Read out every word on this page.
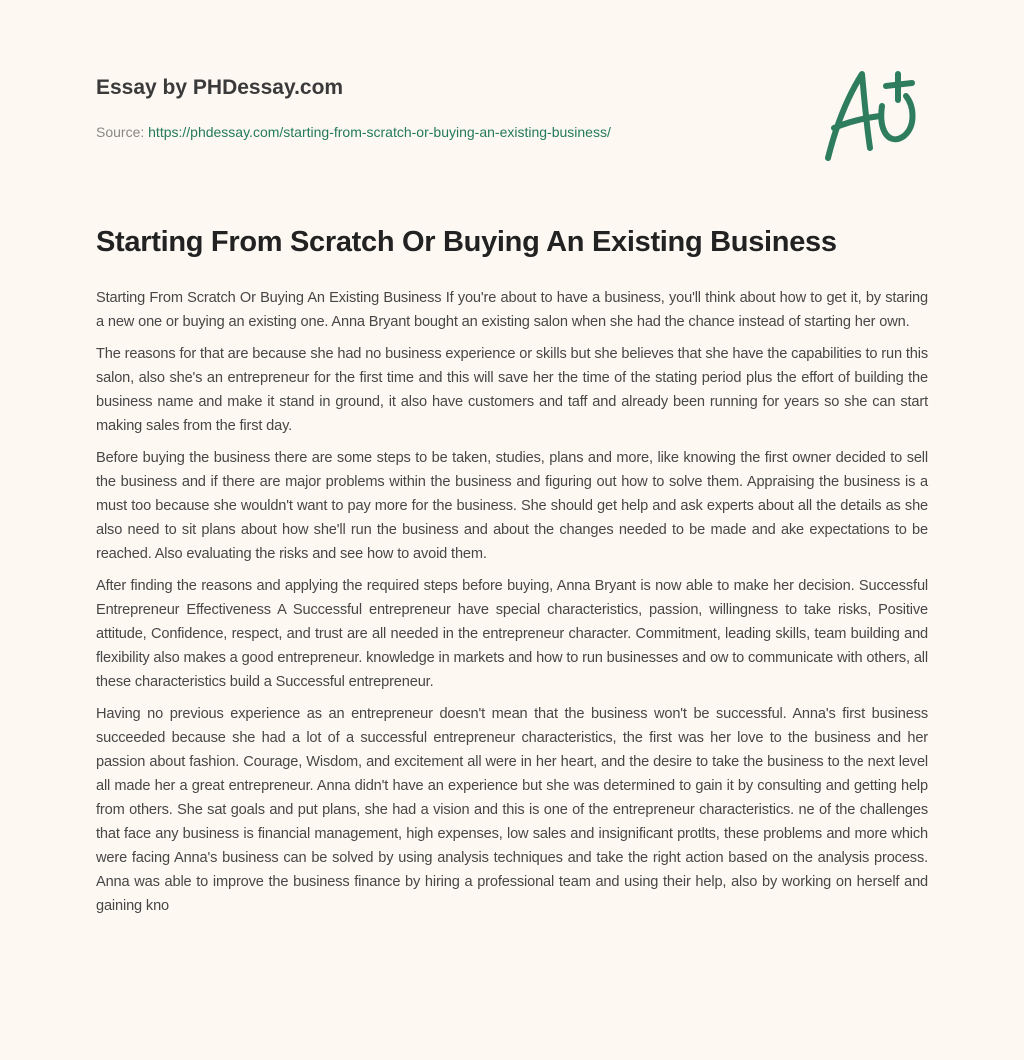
Essay by PHDessay.com
Source: https://phdessay.com/starting-from-scratch-or-buying-an-existing-business/
Starting From Scratch Or Buying An Existing Business

Starting From Scratch Or Buying An Existing Business If you're about to have a business, you'll think about how to get it, by staring a new one or buying an existing one. Anna Bryant bought an existing salon when she had the chance instead of starting her own.

The reasons for that are because she had no business experience or skills but she believes that she have the capabilities to run this salon, also she's an entrepreneur for the first time and this will save her the time of the stating period plus the effort of building the business name and make it stand in ground, it also have customers and taff and already been running for years so she can start making sales from the first day.

Before buying the business there are some steps to be taken, studies, plans and more, like knowing the first owner decided to sell the business and if there are major problems within the business and figuring out how to solve them. Appraising the business is a must too because she wouldn't want to pay more for the business. She should get help and ask experts about all the details as she also need to sit plans about how she'll run the business and about the changes needed to be made and ake expectations to be reached. Also evaluating the risks and see how to avoid them.

After finding the reasons and applying the required steps before buying, Anna Bryant is now able to make her decision. Successful Entrepreneur Effectiveness A Successful entrepreneur have special characteristics, passion, willingness to take risks, Positive attitude, Confidence, respect, and trust are all needed in the entrepreneur character. Commitment, leading skills, team building and flexibility also makes a good entrepreneur. knowledge in markets and how to run businesses and ow to communicate with others, all these characteristics build a Successful entrepreneur.

Having no previous experience as an entrepreneur doesn't mean that the business won't be successful. Anna's first business succeeded because she had a lot of a successful entrepreneur characteristics, the first was her love to the business and her passion about fashion. Courage, Wisdom, and excitement all were in her heart, and the desire to take the business to the next level all made her a great entrepreneur. Anna didn't have an experience but she was determined to gain it by consulting and getting help from others. She sat goals and put plans, she had a vision and this is one of the entrepreneur characteristics. ne of the challenges that face any business is financial management, high expenses, low sales and insignificant protlts, these problems and more which were facing Anna's business can be solved by using analysis techniques and take the right action based on the analysis process. Anna was able to improve the business finance by hiring a professional team and using their help, also by working on herself and gaining kno
